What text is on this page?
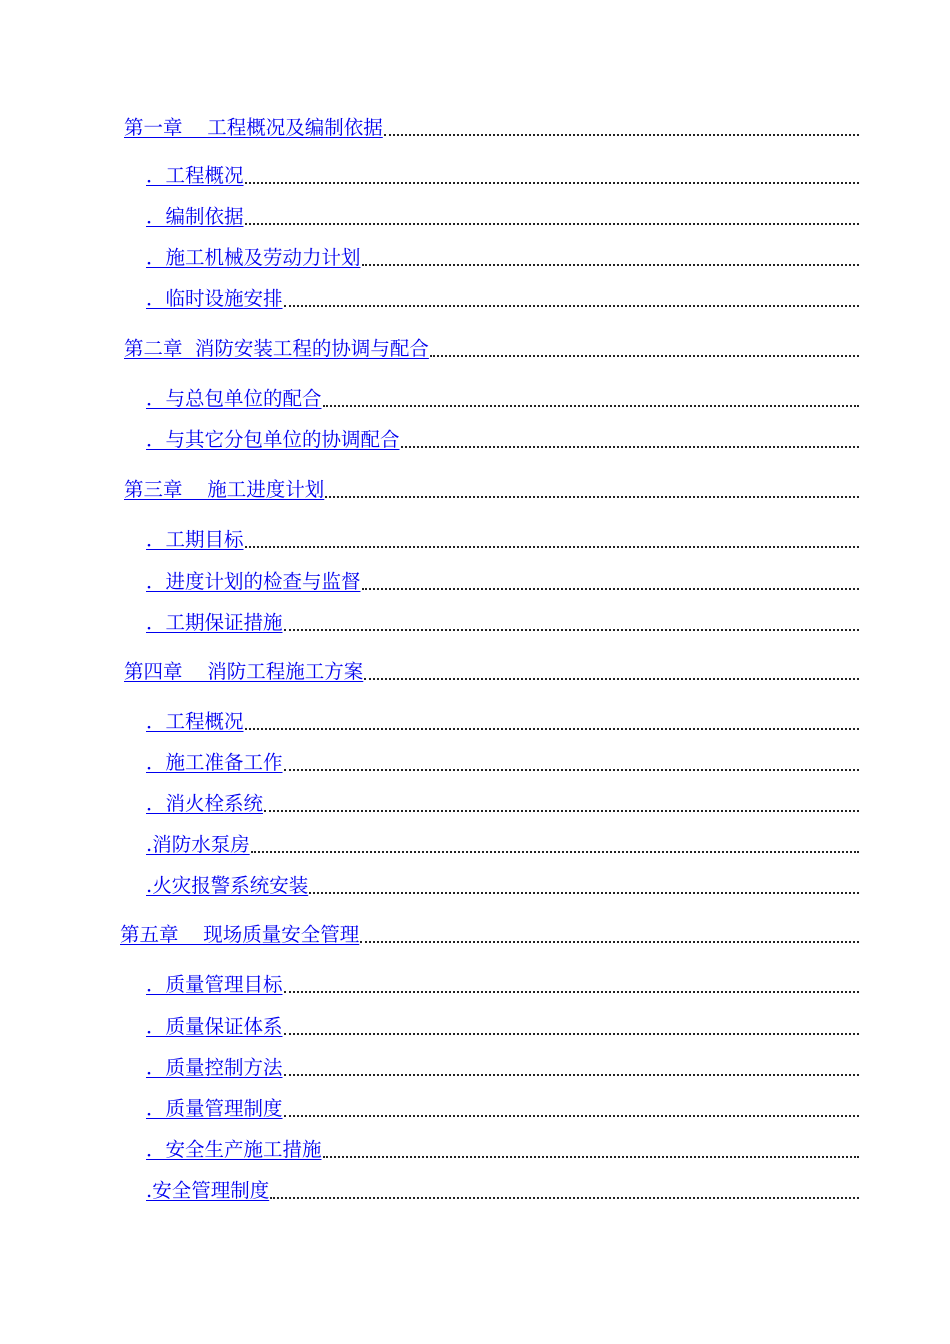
第一章    工程概况及编制依据
．工程概况
．编制依据
．施工机械及劳动力计划
．临时设施安排
第二章  消防安装工程的协调与配合
．与总包单位的配合
．与其它分包单位的协调配合
第三章    施工进度计划
．工期目标
．进度计划的检查与监督
．工期保证措施
第四章    消防工程施工方案
．工程概况
．施工准备工作
．消火栓系统
.消防水泵房
.火灾报警系统安装
第五章    现场质量安全管理
．质量管理目标
．质量保证体系
．质量控制方法
．质量管理制度
．安全生产施工措施
.安全管理制度
